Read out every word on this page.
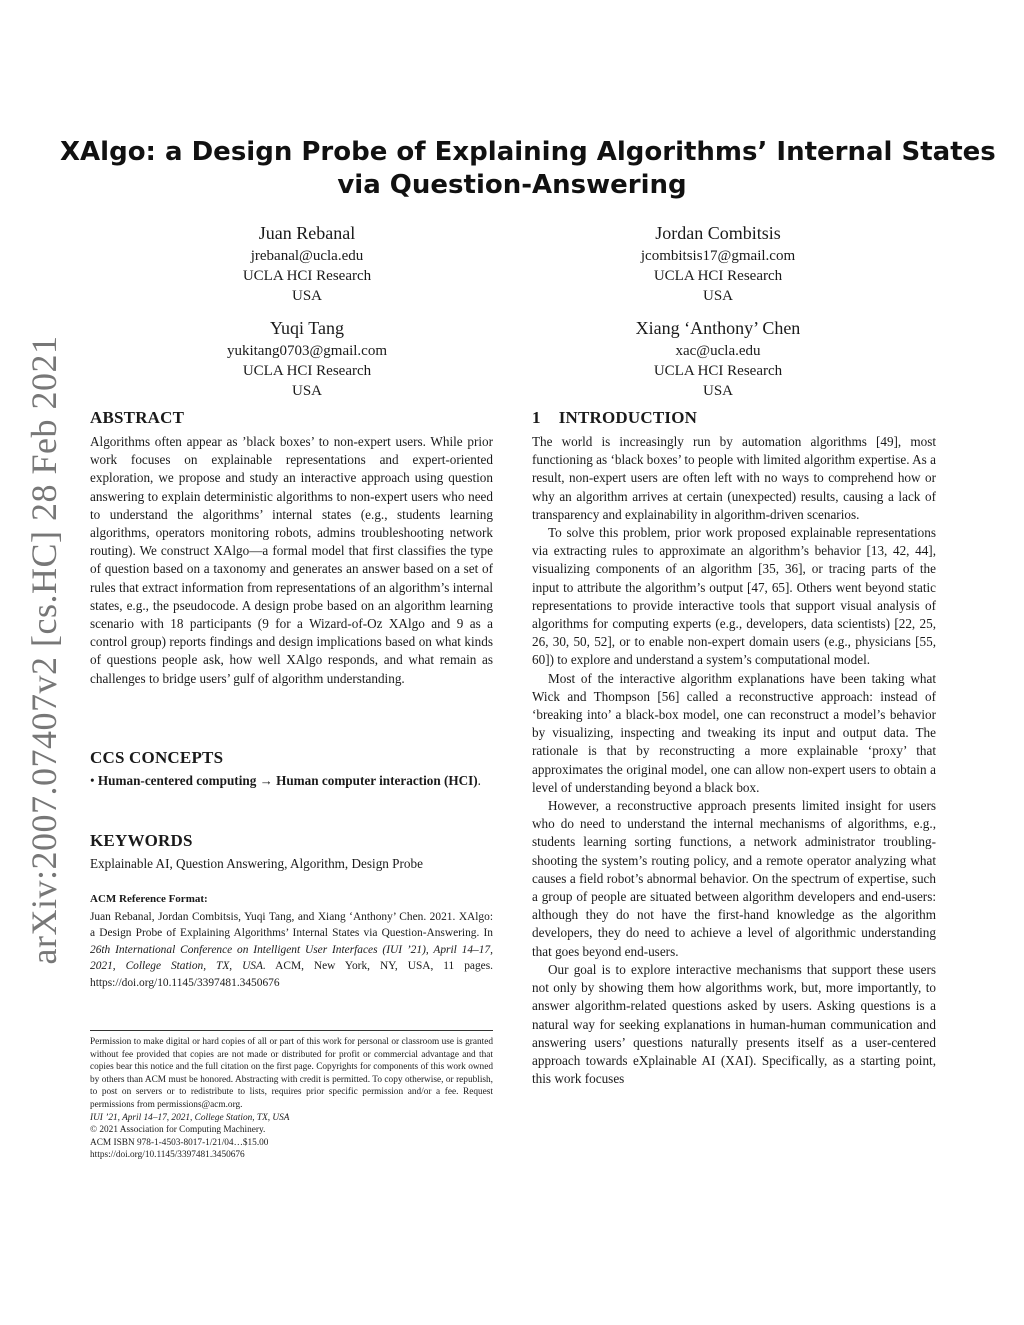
arXiv:2007.07407v2 [cs.HC] 28 Feb 2021
XAlgo: a Design Probe of Explaining Algorithms’ Internal States
via Question-Answering
Juan Rebanal
jrebanal@ucla.edu
UCLA HCI Research
USA
Jordan Combitsis
jcombitsis17@gmail.com
UCLA HCI Research
USA
Yuqi Tang
yukitang0703@gmail.com
UCLA HCI Research
USA
Xiang ‘Anthony’ Chen
xac@ucla.edu
UCLA HCI Research
USA
ABSTRACT

Algorithms often appear as ’black boxes’ to non-expert users. While prior work focuses on explainable representations and expert-oriented exploration, we propose and study an interactive approach using question answering to explain deterministic algorithms to non-expert users who need to understand the algorithms’ internal states (e.g., students learning algorithms, operators monitoring robots, admins troubleshooting network routing). We construct XAlgo—a formal model that first classifies the type of question based on a taxonomy and generates an answer based on a set of rules that extract information from representations of an algorithm’s internal states, e.g., the pseudocode. A design probe based on an algorithm learning scenario with 18 participants (9 for a Wizard-of-Oz XAlgo and 9 as a control group) reports findings and design implications based on what kinds of questions people ask, how well XAlgo responds, and what remain as challenges to bridge users’ gulf of algorithm understanding.

CCS CONCEPTS

• Human-centered computing → Human computer interaction (HCI).

KEYWORDS

Explainable AI, Question Answering, Algorithm, Design Probe

ACM Reference Format:

Juan Rebanal, Jordan Combitsis, Yuqi Tang, and Xiang ‘Anthony’ Chen. 2021. XAlgo: a Design Probe of Explaining Algorithms’ Internal States via Question-Answering. In 26th International Conference on Intelligent User Interfaces (IUI ’21), April 14–17, 2021, College Station, TX, USA. ACM, New York, NY, USA, 11 pages. https://doi.org/10.1145/3397481.3450676

Permission to make digital or hard copies of all or part of this work for personal or classroom use is granted without fee provided that copies are not made or distributed for profit or commercial advantage and that copies bear this notice and the full citation on the first page. Copyrights for components of this work owned by others than ACM must be honored. Abstracting with credit is permitted. To copy otherwise, or republish, to post on servers or to redistribute to lists, requires prior specific permission and/or a fee. Request permissions from permissions@acm.org.
IUI ’21, April 14–17, 2021, College Station, TX, USA
© 2021 Association for Computing Machinery.
ACM ISBN 978-1-4503-8017-1/21/04…$15.00
https://doi.org/10.1145/3397481.3450676
1 INTRODUCTION

The world is increasingly run by automation algorithms [49], most functioning as ‘black boxes’ to people with limited algorithm expertise. As a result, non-expert users are often left with no ways to comprehend how or why an algorithm arrives at certain (unexpected) results, causing a lack of transparency and explainability in algorithm-driven scenarios.

To solve this problem, prior work proposed explainable representations via extracting rules to approximate an algorithm’s behavior [13, 42, 44], visualizing components of an algorithm [35, 36], or tracing parts of the input to attribute the algorithm’s output [47, 65]. Others went beyond static representations to provide interactive tools that support visual analysis of algorithms for computing experts (e.g., developers, data scientists) [22, 25, 26, 30, 50, 52], or to enable non-expert domain users (e.g., physicians [55, 60]) to explore and understand a system’s computational model.

Most of the interactive algorithm explanations have been taking what Wick and Thompson [56] called a reconstructive approach: instead of ‘breaking into’ a black-box model, one can reconstruct a model’s behavior by visualizing, inspecting and tweaking its input and output data. The rationale is that by reconstructing a more explainable ‘proxy’ that approximates the original model, one can allow non-expert users to obtain a level of understanding beyond a black box.

However, a reconstructive approach presents limited insight for users who do need to understand the internal mechanisms of algorithms, e.g., students learning sorting functions, a network administrator troubling-shooting the system’s routing policy, and a remote operator analyzing what causes a field robot’s abnormal behavior. On the spectrum of expertise, such a group of people are situated between algorithm developers and end-users: although they do not have the first-hand knowledge as the algorithm developers, they do need to achieve a level of algorithmic understanding that goes beyond end-users.

Our goal is to explore interactive mechanisms that support these users not only by showing them how algorithms work, but, more importantly, to answer algorithm-related questions asked by users. Asking questions is a natural way for seeking explanations in human-human communication and answering users’ questions naturally presents itself as a user-centered approach towards eXplainable AI (XAI). Specifically, as a starting point, this work focuses
